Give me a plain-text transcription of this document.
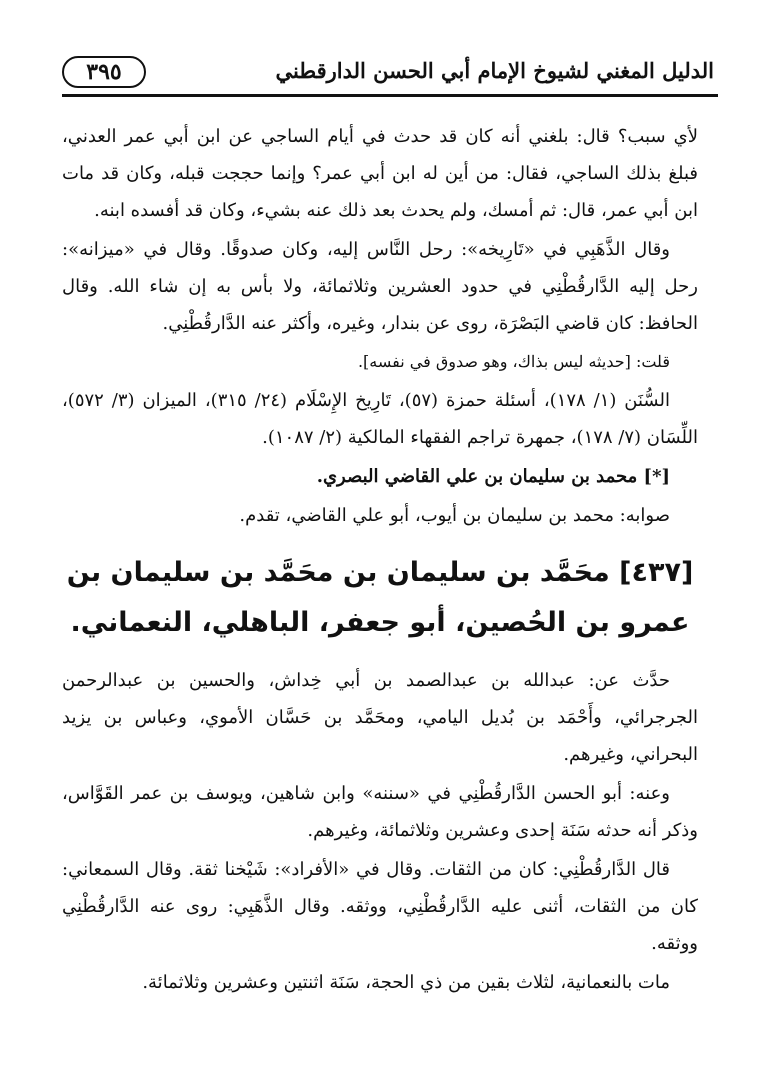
الدليل المغني لشيوخ الإمام أبي الحسن الدارقطني
٣٩٥

لأي سبب؟ قال: بلغني أنه كان قد حدث في أيام الساجي عن ابن أبي عمر العدني، فبلغ بذلك الساجي، فقال: من أين له ابن أبي عمر؟ وإنما حججت قبله، وكان قد مات ابن أبي عمر، قال: ثم أمسك، ولم يحدث بعد ذلك عنه بشيء، وكان قد أفسده ابنه.

وقال الذَّهَبِي في «تَارِيخه»: رحل النَّاس إليه، وكان صدوقًا. وقال في «ميزانه»: رحل إليه الدَّارقُطْنِي في حدود العشرين وثلاثمائة، ولا بأس به إن شاء الله. وقال الحافظ: كان قاضي البَصْرَة، روى عن بندار، وغيره، وأكثر عنه الدَّارقُطْنِي.

قلت: [حديثه ليس بذاك، وهو صدوق في نفسه].

السُّنَن (١/ ١٧٨)، أسئلة حمزة (٥٧)، تَارِيخ الإِسْلَام (٢٤/ ٣١٥)، الميزان (٣/ ٥٧٢)، اللِّسَان (٧/ ١٧٨)، جمهرة تراجم الفقهاء المالكية (٢/ ١٠٨٧).

[*] محمد بن سليمان بن علي القاضي البصري.

صوابه: محمد بن سليمان بن أيوب، أبو علي القاضي، تقدم.

[٤٣٧] محَمَّد بن سليمان بن محَمَّد بن سليمان بن عمرو بن الحُصين، أبو جعفر، الباهلي، النعماني.

حدَّث عن: عبدالله بن عبدالصمد بن أبي خِداش، والحسين بن عبدالرحمن الجرجرائي، وأَحْمَد بن بُديل اليامي، ومحَمَّد بن حَسَّان الأموي، وعباس بن يزيد البحراني، وغيرهم.

وعنه: أبو الحسن الدَّارقُطْنِي في «سننه» وابن شاهين، ويوسف بن عمر القَوَّاس، وذكر أنه حدثه سَنَة إحدى وعشرين وثلاثمائة، وغيرهم.

قال الدَّارقُطْنِي: كان من الثقات. وقال في «الأفراد»: شَيْخنا ثقة. وقال السمعاني: كان من الثقات، أثنى عليه الدَّارقُطْنِي، ووثقه. وقال الذَّهَبِي: روى عنه الدَّارقُطْنِي ووثقه.

مات بالنعمانية، لثلاث بقين من ذي الحجة، سَنَة اثنتين وعشرين وثلاثمائة.
